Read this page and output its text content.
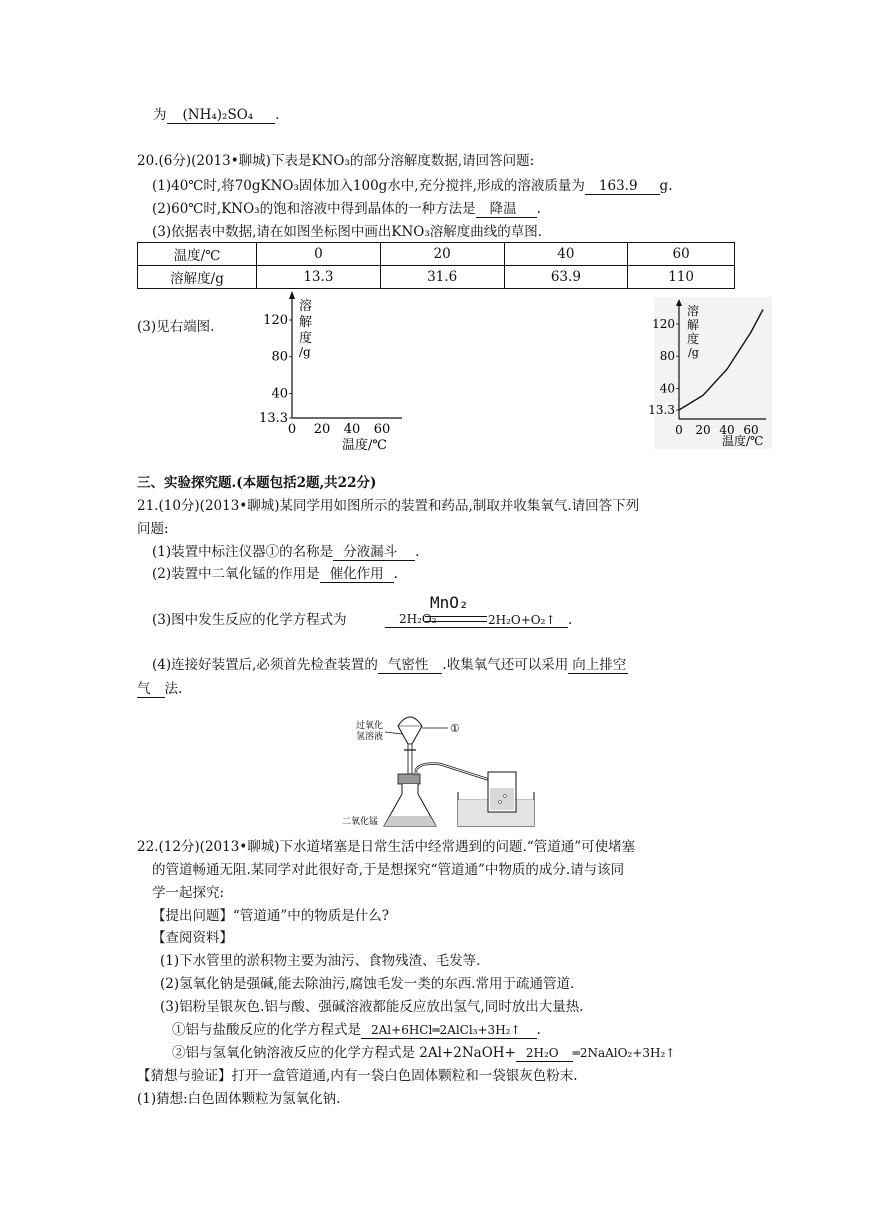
为 (NH₄)₂SO₄ .
20.(6分)(2013•聊城)下表是KNO₃的部分溶解度数据,请回答问题:
(1)40℃时,将70gKNO₃固体加入100g水中,充分搅拌,形成的溶液质量为 163.9 g.
(2)60℃时,KNO₃的饱和溶液中得到晶体的一种方法是 降温 .
(3)依据表中数据,请在如图坐标图中画出KNO₃溶解度曲线的草图.
温度/℃	0	20	40	60
溶解度/g	13.3	31.6	63.9	110
(3)见右端图.
溶
解
度
/g
13.3
40
80
120
0 20 40 60
温度/℃
溶
解
度
/g
13.3
40
80
120
0 20 40 60
温度/℃
三、实验探究题.(本题包括2题,共22分)
21.(10分)(2013•聊城)某同学用如图所示的装置和药品,制取并收集氧气.请回答下列
问题:
(1)装置中标注仪器①的名称是 分液漏斗 .
(2)装置中二氧化锰的作用是 催化作用 .
(3)图中发生反应的化学方程式为	2H₂O₂
MnO₂
2H₂O+O₂↑ .
(4)连接好装置后,必须首先检查装置的 气密性 .收集氧气还可以采用 向上排空
气 法.
过氧化
氢溶液
①
二氧化锰
22.(12分)(2013•聊城)下水道堵塞是日常生活中经常遇到的问题.“管道通”可使堵塞
的管道畅通无阻.某同学对此很好奇,于是想探究“管道通”中物质的成分.请与该同
学一起探究:
【提出问题】“管道通”中的物质是什么?
【查阅资料】
(1)下水管里的淤积物主要为油污、食物残渣、毛发等.
(2)氢氧化钠是强碱,能去除油污,腐蚀毛发一类的东西.常用于疏通管道.
(3)铝粉呈银灰色.铝与酸、强碱溶液都能反应放出氢气,同时放出大量热.
①铝与盐酸反应的化学方程式是 2Al+6HCl═2AlCl₃+3H₂↑ .
②铝与氢氧化钠溶液反应的化学方程式是 2Al+2NaOH+ 2H₂O ═2NaAlO₂+3H₂↑
【猜想与验证】打开一盒管道通,内有一袋白色固体颗粒和一袋银灰色粉末.
(1)猜想:白色固体颗粒为氢氧化钠.
